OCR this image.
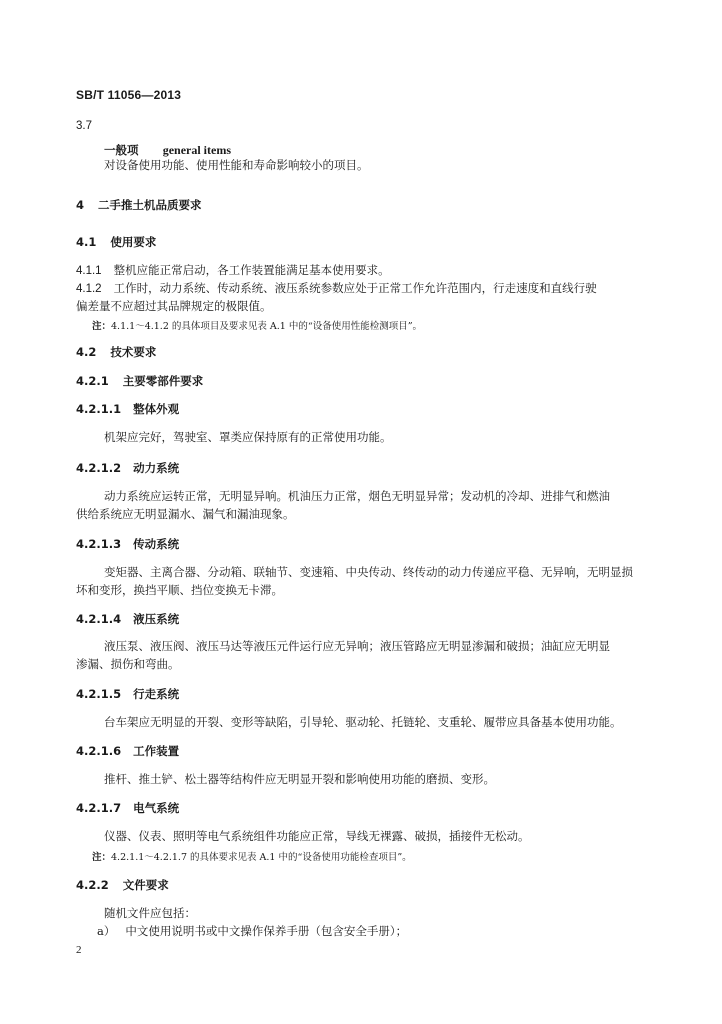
SB/T 11056—2013
3.7
一般项 general items
对设备使用功能、使用性能和寿命影响较小的项目。
4 二手推土机品质要求
4.1 使用要求
4.1.1 整机应能正常启动，各工作装置能满足基本使用要求。
4.1.2 工作时，动力系统、传动系统、液压系统参数应处于正常工作允许范围内，行走速度和直线行驶
偏差量不应超过其品牌规定的极限值。
注：4.1.1～4.1.2 的具体项目及要求见表 A.1 中的“设备使用性能检测项目”。
4.2 技术要求
4.2.1 主要零部件要求
4.2.1.1 整体外观
机架应完好，驾驶室、罩类应保持原有的正常使用功能。
4.2.1.2 动力系统
动力系统应运转正常，无明显异响。机油压力正常，烟色无明显异常；发动机的冷却、进排气和燃油
供给系统应无明显漏水、漏气和漏油现象。
4.2.1.3 传动系统
变矩器、主离合器、分动箱、联轴节、变速箱、中央传动、终传动的动力传递应平稳、无异响，无明显损
坏和变形，换挡平顺、挡位变换无卡滞。
4.2.1.4 液压系统
液压泵、液压阀、液压马达等液压元件运行应无异响；液压管路应无明显渗漏和破损；油缸应无明显
渗漏、损伤和弯曲。
4.2.1.5 行走系统
台车架应无明显的开裂、变形等缺陷，引导轮、驱动轮、托链轮、支重轮、履带应具备基本使用功能。
4.2.1.6 工作装置
推杆、推土铲、松土器等结构件应无明显开裂和影响使用功能的磨损、变形。
4.2.1.7 电气系统
仪器、仪表、照明等电气系统组件功能应正常，导线无裸露、破损，插接件无松动。
注：4.2.1.1～4.2.1.7 的具体要求见表 A.1 中的“设备使用功能检查项目”。
4.2.2 文件要求
随机文件应包括：
a） 中文使用说明书或中文操作保养手册（包含安全手册）；
2
